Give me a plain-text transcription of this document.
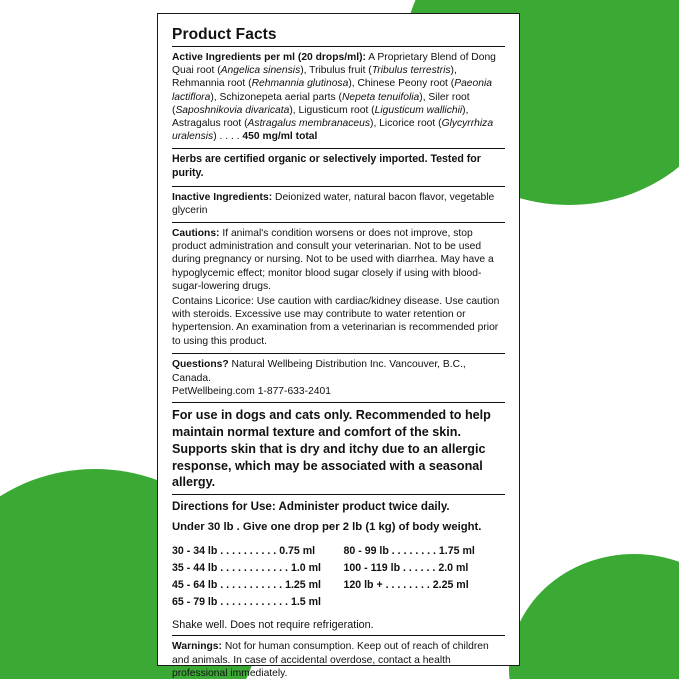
Product Facts
Active Ingredients per ml (20 drops/ml): A Proprietary Blend of Dong Quai root (Angelica sinensis), Tribulus fruit (Tribulus terrestris), Rehmannia root (Rehmannia glutinosa), Chinese Peony root (Paeonia lactiflora), Schizonepeta aerial parts (Nepeta tenuifolia), Siler root (Saposhnikovia divaricata), Ligusticum root (Ligusticum wallichii), Astragalus root (Astragalus membranaceus), Licorice root (Glycyrrhiza uralensis) . . . . 450 mg/ml total
Herbs are certified organic or selectively imported. Tested for purity.
Inactive Ingredients: Deionized water, natural bacon flavor, vegetable glycerin
Cautions: If animal's condition worsens or does not improve, stop product administration and consult your veterinarian. Not to be used during pregnancy or nursing. Not to be used with diarrhea. May have a hypoglycemic effect; monitor blood sugar closely if using with blood-sugar-lowering drugs.
Contains Licorice: Use caution with cardiac/kidney disease. Use caution with steroids. Excessive use may contribute to water retention or hypertension. An examination from a veterinarian is recommended prior to using this product.
Questions? Natural Wellbeing Distribution Inc. Vancouver, B.C., Canada.
PetWellbeing.com 1-877-633-2401
For use in dogs and cats only. Recommended to help maintain normal texture and comfort of the skin. Supports skin that is dry and itchy due to an allergic response, which may be associated with a seasonal allergy.
Directions for Use: Administer product twice daily.
Under 30 lb . Give one drop per 2 lb (1 kg) of body weight.
30 - 34 lb . . . . . . . . . . 0.75 ml
35 - 44 lb . . . . . . . . . . . . 1.0 ml
45 - 64 lb . . . . . . . . . . . 1.25 ml
65 - 79 lb . . . . . . . . . . . . 1.5 ml
80 - 99 lb . . . . . . . . 1.75 ml
100 - 119 lb . . . . . . 2.0 ml
120 lb + . . . . . . . . 2.25 ml
Shake well. Does not require refrigeration.
Warnings: Not for human consumption. Keep out of reach of children and animals. In case of accidental overdose, contact a health professional immediately.
